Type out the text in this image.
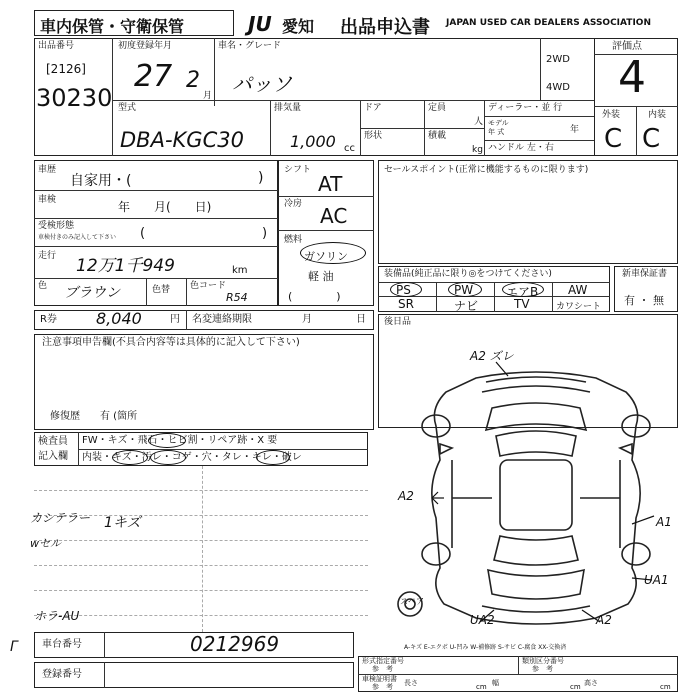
車内保管・守衛保管	JU 愛知 出品申込書 JAPAN USED CAR DEALERS ASSOCIATION
出品番号
[2126]
30230
初度登録年月
27 2
月
車名・グレード
パッソ
2WD
4WD
評価点
4
外装	内装
C C
型式
DBA-KGC30
排気量
1,000 cc
ドア	定員
人
形状	積載
kg
ディーラー・並 行
モデル
年 式	年
ハンドル 左・右
車歴
自家用・(	)
車検	年　　月(　　日)
受検形態
車検付きのみ記入して下さい (	)
走行 12万1千949	km
色 ブラウン	色替 色コード
R54
シフト
AT
冷房 AC
燃料
ガソリン
軽 油
(　　　　)
セールスポイント(正常に機能するものに限ります)
装備品(純正品に限り◎をつけてください)
PS	PW	エアB AW
SR	ナビ	TV	カワシート
新車保証書
有 ・ 無
R券 8,040	円 名変連絡期限	月	日 後日品
注意事項申告欄(不具合内容等は具体的に記入して下さい)
修復歴　　有 (箇所
検査員
記入欄
FW・キズ・飛石・ヒビ割・リペア跡・X 要
内装・キズ・汚レ・コゲ・穴・タレ・キレ・破レ
カシテラー
wセル
1キズ
ホラ-AU
A2 ズレ
A2
A1
UA1
UA2	A2
スペア
A-キズ E-エクボ U-凹み W-補修跡 S-サビ C-腐食 XX-交換済
車台番号	0212969
登録番号
Γ
形式指定番号
参　考
類別区分番号
参　考
車検証明書
参　考 長さ	cm 幅	cm 高さ	cm
